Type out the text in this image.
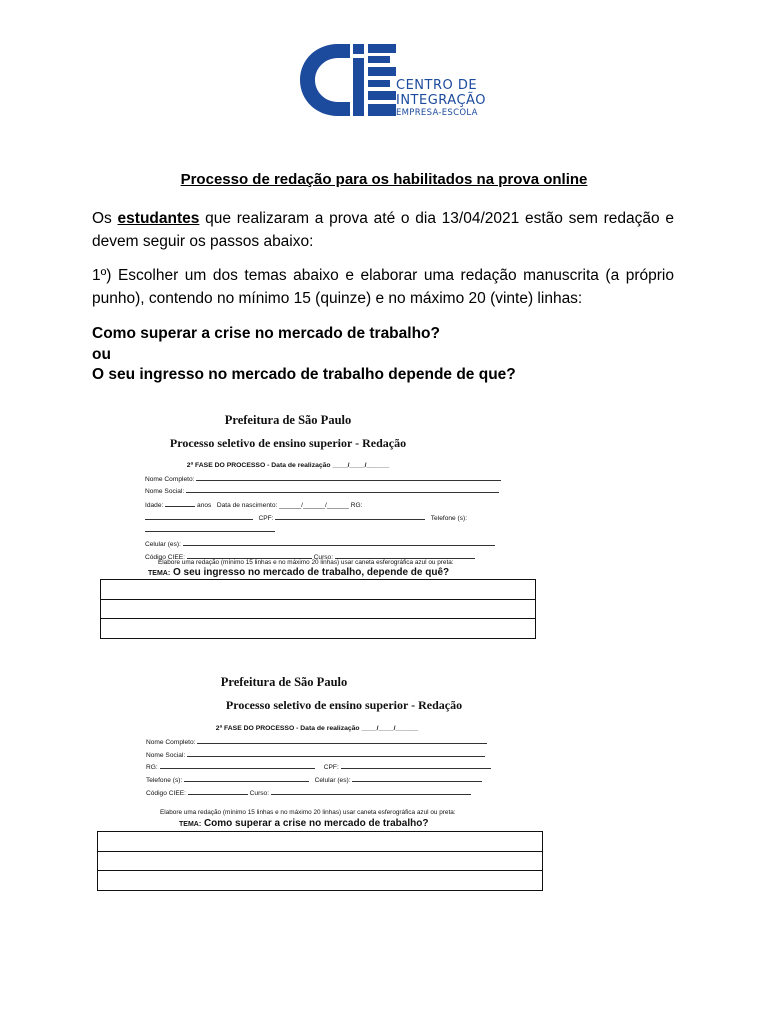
CENTRO DE
INTEGRAÇÃO
EMPRESA-ESCOLA
Processo de redação para os habilitados na prova online
Os estudantes que realizaram a prova até o dia 13/04/2021 estão sem redação e devem seguir os passos abaixo:
1º) Escolher um dos temas abaixo e elaborar uma redação manuscrita (a próprio punho), contendo no mínimo 15 (quinze) e no máximo 20 (vinte) linhas:
Como superar a crise no mercado de trabalho?
ou
O seu ingresso no mercado de trabalho depende de que?
Prefeitura de São Paulo
Processo seletivo de ensino superior - Redação
2ª FASE DO PROCESSO - Data de realização ____/____/______
Nome Completo:
Nome Social:
Idade:	anos Data de nascimento: ______/______/______ RG:
CPF:	Telefone (s):
Celular (es):
Código CIEE:	Curso:
Elabore uma redação (mínimo 15 linhas e no máximo 20 linhas) usar caneta esferográfica azul ou preta:
TEMA: O seu ingresso no mercado de trabalho, depende de quê?
Prefeitura de São Paulo
Processo seletivo de ensino superior - Redação
2ª FASE DO PROCESSO - Data de realização ____/____/______
Nome Completo:
Nome Social:
RG:	CPF:
Telefone (s):	Celular (es):
Código CIEE:	Curso:
Elabore uma redação (mínimo 15 linhas e no máximo 20 linhas) usar caneta esferográfica azul ou preta:
TEMA: Como superar a crise no mercado de trabalho?
